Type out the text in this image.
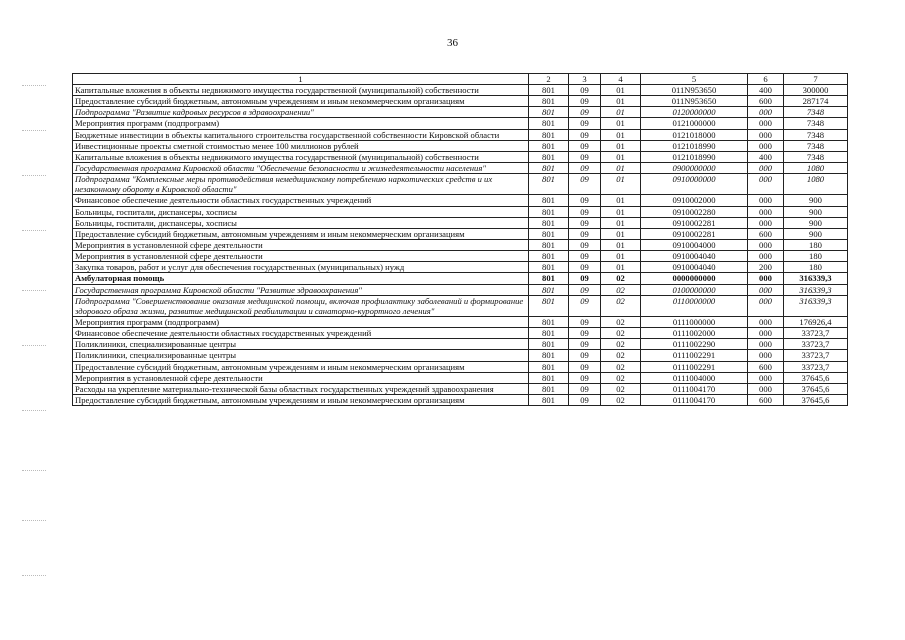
36
1	2	3	4	5	6	7
Капитальные вложения в объекты недвижимого имущества государственной (муниципальной) собственности	801	09	01	011N953650	400	300000
Предоставление субсидий бюджетным, автономным учреждениям и иным некоммерческим организациям	801	09	01	011N953650	600	287174
Подпрограмма "Развитие кадровых ресурсов в здравоохранении"	801	09	01	0120000000	000	7348
Мероприятия программ (подпрограмм)	801	09	01	0121000000	000	7348
Бюджетные инвестиции в объекты капитального строительства государственной собственности Кировской области	801	09	01	0121018000	000	7348
Инвестиционные проекты сметной стоимостью менее 100 миллионов рублей	801	09	01	0121018990	000	7348
Капитальные вложения в объекты недвижимого имущества государственной (муниципальной) собственности	801	09	01	0121018990	400	7348
Государственная программа Кировской области "Обеспечение безопасности и жизнедеятельности населения"	801	09	01	0900000000	000	1080
Подпрограмма "Комплексные меры противодействия немедицинскому потреблению наркотических средств и их незаконному обороту в Кировской области"	801	09	01	0910000000	000	1080
Финансовое обеспечение деятельности областных государственных учреждений	801	09	01	0910002000	000	900
Больницы, госпитали, диспансеры, хосписы	801	09	01	0910002280	000	900
Больницы, госпитали, диспансеры, хосписы	801	09	01	0910002281	000	900
Предоставление субсидий бюджетным, автономным учреждениям и иным некоммерческим организациям	801	09	01	0910002281	600	900
Мероприятия в установленной сфере деятельности	801	09	01	0910004000	000	180
Мероприятия в установленной сфере деятельности	801	09	01	0910004040	000	180
Закупка товаров, работ и услуг для обеспечения государственных (муниципальных) нужд	801	09	01	0910004040	200	180
Амбулаторная помощь	801	09	02	0000000000	000	316339,3
Государственная программа Кировской области "Развитие здравоохранения"	801	09	02	0100000000	000	316339,3
Подпрограмма "Совершенствование оказания медицинской помощи, включая профилактику заболеваний и формирование здорового образа жизни, развитие медицинской реабилитации и санаторно-курортного лечения"	801	09	02	0110000000	000	316339,3
Мероприятия программ (подпрограмм)	801	09	02	0111000000	000	176926,4
Финансовое обеспечение деятельности областных государственных учреждений	801	09	02	0111002000	000	33723,7
Поликлиники, специализированные центры	801	09	02	0111002290	000	33723,7
Поликлиники, специализированные центры	801	09	02	0111002291	000	33723,7
Предоставление субсидий бюджетным, автономным учреждениям и иным некоммерческим организациям	801	09	02	0111002291	600	33723,7
Мероприятия в установленной сфере деятельности	801	09	02	0111004000	000	37645,6
Расходы на укрепление материально-технической базы областных государственных учреждений здравоохранения	801	09	02	0111004170	000	37645,6
Предоставление субсидий бюджетным, автономным учреждениям и иным некоммерческим организациям	801	09	02	0111004170	600	37645,6
